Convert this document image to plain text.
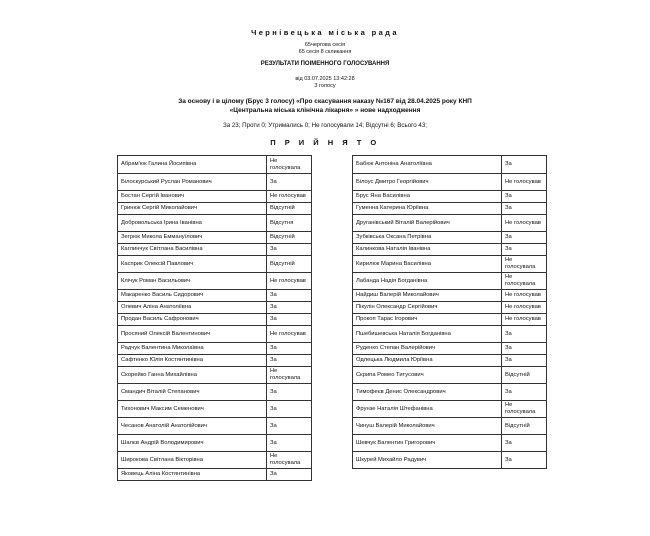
Чернівецька міська рада
65чергова сесія
65 сесія 8 скликання
РЕЗУЛЬТАТИ ПОІМЕННОГО ГОЛОСУВАННЯ
від 03.07.2025 13:42:28
3 голосу
За основу і в цілому (Брус 3 голосу) «Про скасування наказу №167 від 28.04.2025 року КНП
«Центральна міська клінічна лікарня» » нове надходження
За 23; Проти 0; Утримались 0; Не голосували 14; Відсутні 6; Всього 43;
П Р И Й Н Я Т О
Абрам'юк Галина Йосипівна	Не голосувала
Білоскурський Руслан Романович	За
Бостан Сергій Іванович	Не голосував
Гринюк Сергій Миколайович	Відсутній
Добровольська Ірина Іванівна	Відсутня
Зегрюк Микола Еммануїлович	Відсутній
Каглинчук Світлана Василівна	За
Касприк Олексій Павлович	Відсутній
Клічук Роман Васильович	Не голосував
Макаренко Василь Сидорович	За
Олевич Аліна Анатоліївна	За
Продан Василь Сафронович	За
Просяний Олексій Валентинович	Не голосував
Радчук Валентина Миколаївна	За
Сафтенко Юлія Костянтинівна	За
Скорейко Ганна Михайлівна	Не голосувала
Смандич Віталій Степанович	За
Тихонович Максим Семенович	За
Чесанов Анатолій Анатолійович	За
Шалєв Андрій Володимирович	За
Широкова Світлана Вікторівна	Не голосувала
Яковець Аліна Костянтинівна	За
Бабюк Антоніна Анатоліївна	За
Білоус Дмитро Георгійович	Не голосував
Брус Яна Василівна	За
Гуменна Катерина Юріївна	За
Друганівський Віталій Валерійович	Не голосував
Зубківська Оксана Петрівна	За
Калинкова Наталія Іванівна	За
Кирилюк Марина Василівна	Не голосувала
Лабанда Надія Богданівна	Не голосувала
Найдиш Валерій Миколайович	Не голосував
Пікулін Олександр Сергійович	Не голосував
Прокоп Тарас Ігорович	Не голосував
Пшебишевська Наталія Богданівна	За
Руденко Степан Валерійович	За
Одлецька Людмила Юріївна	За
Скрипа Ромео Титусович	Відсутній
Тимофеєв Денис Олександрович	За
Фрунзе Наталія Штефанівна	Не голосувала
Чинуш Валерій Миколайович	Відсутній
Шевчук Валентин Григорович	За
Шкурей Михайло Радувич	За
